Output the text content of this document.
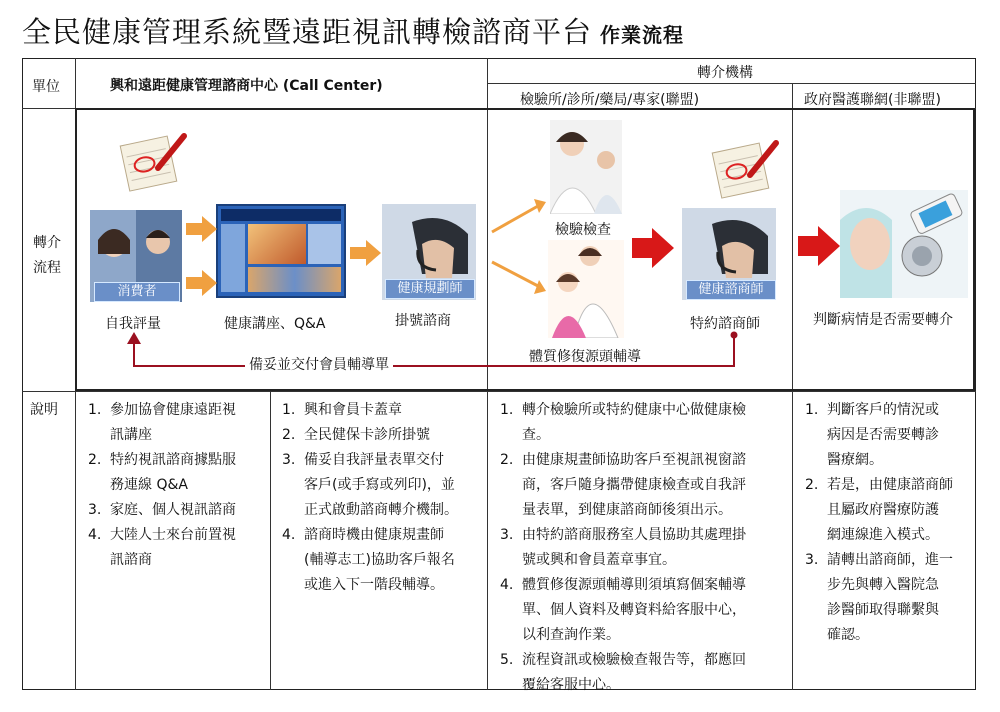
全民健康管理系統暨遠距視訊轉檢諮商平台 作業流程
單位	興和遠距健康管理諮商中心 (Call Center)
轉介機構
檢驗所/診所/藥局/專家(聯盟)	政府醫護聯網(非聯盟)
轉介
流程
說明
消費者	健康規劃師	健康諮商師
自我評量	健康講座、Q&A	掛號諮商
檢驗檢查
體質修復源頭輔導
特約諮商師	判斷病情是否需要轉介
備妥並交付會員輔導單
1. 參加協會健康遠距視
訊講座
2. 特約視訊諮商據點服
務連線 Q&A
3. 家庭、個人視訊諮商
4. 大陸人士來台前置視
訊諮商
1. 興和會員卡蓋章
2. 全民健保卡診所掛號
3. 備妥自我評量表單交付
客戶(或手寫或列印)，並
正式啟動諮商轉介機制。
4. 諮商時機由健康規畫師
(輔導志工)協助客戶報名
或進入下一階段輔導。
1. 轉介檢驗所或特約健康中心做健康檢
查。
2. 由健康規畫師協助客戶至視訊視窗諮
商，客戶隨身攜帶健康檢查或自我評
量表單，到健康諮商師後須出示。
3. 由特約諮商服務室人員協助其處理掛
號或興和會員蓋章事宜。
4. 體質修復源頭輔導則須填寫個案輔導
單、個人資料及轉資料給客服中心，
以利查詢作業。
5. 流程資訊或檢驗檢查報告等，都應回
覆給客服中心。
1. 判斷客戶的情況或
病因是否需要轉診
醫療網。
2. 若是，由健康諮商師
且屬政府醫療防護
網連線進入模式。
3. 請轉出諮商師，進一
步先與轉入醫院急
診醫師取得聯繫與
確認。
